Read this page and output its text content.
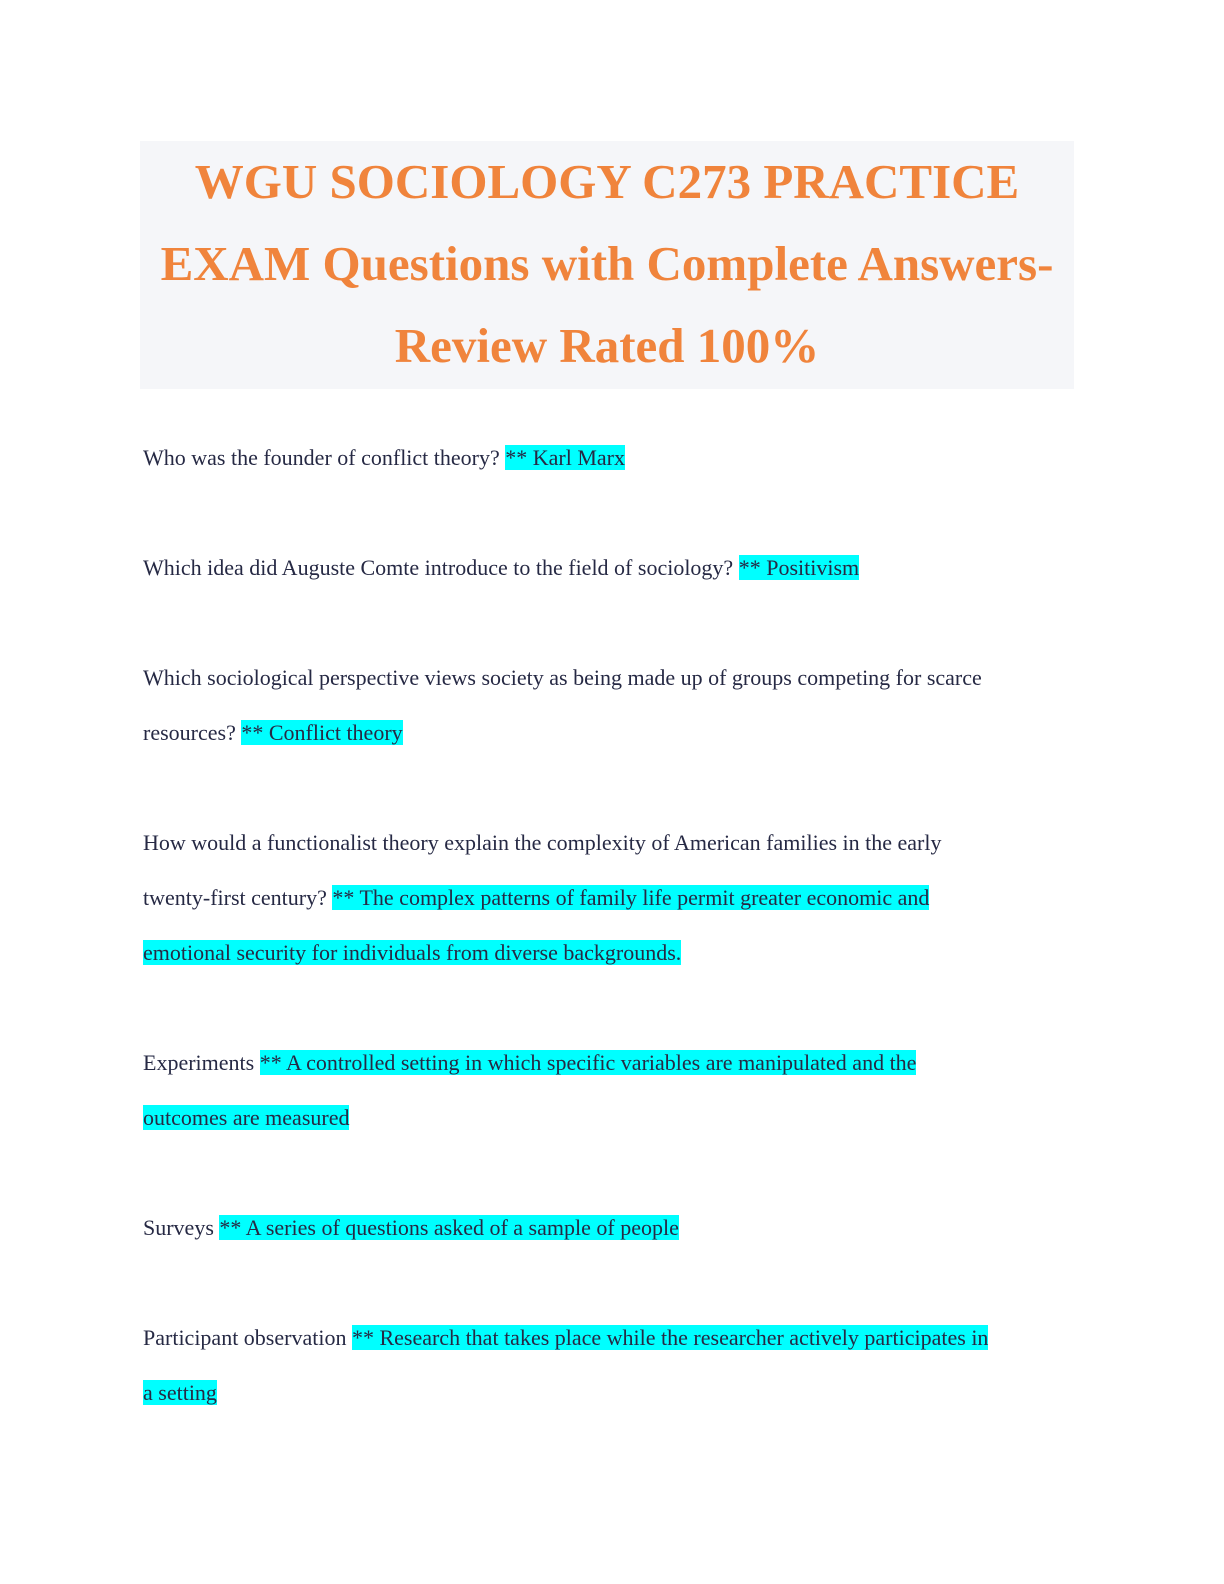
WGU SOCIOLOGY C273 PRACTICE
EXAM Questions with Complete Answers-
Review Rated 100%

Who was the founder of conflict theory? ** Karl Marx

Which idea did Auguste Comte introduce to the field of sociology? ** Positivism

Which sociological perspective views society as being made up of groups competing for scarce
resources? ** Conflict theory

How would a functionalist theory explain the complexity of American families in the early
twenty-first century? ** The complex patterns of family life permit greater economic and
emotional security for individuals from diverse backgrounds.

Experiments ** A controlled setting in which specific variables are manipulated and the
outcomes are measured

Surveys ** A series of questions asked of a sample of people

Participant observation ** Research that takes place while the researcher actively participates in
a setting
